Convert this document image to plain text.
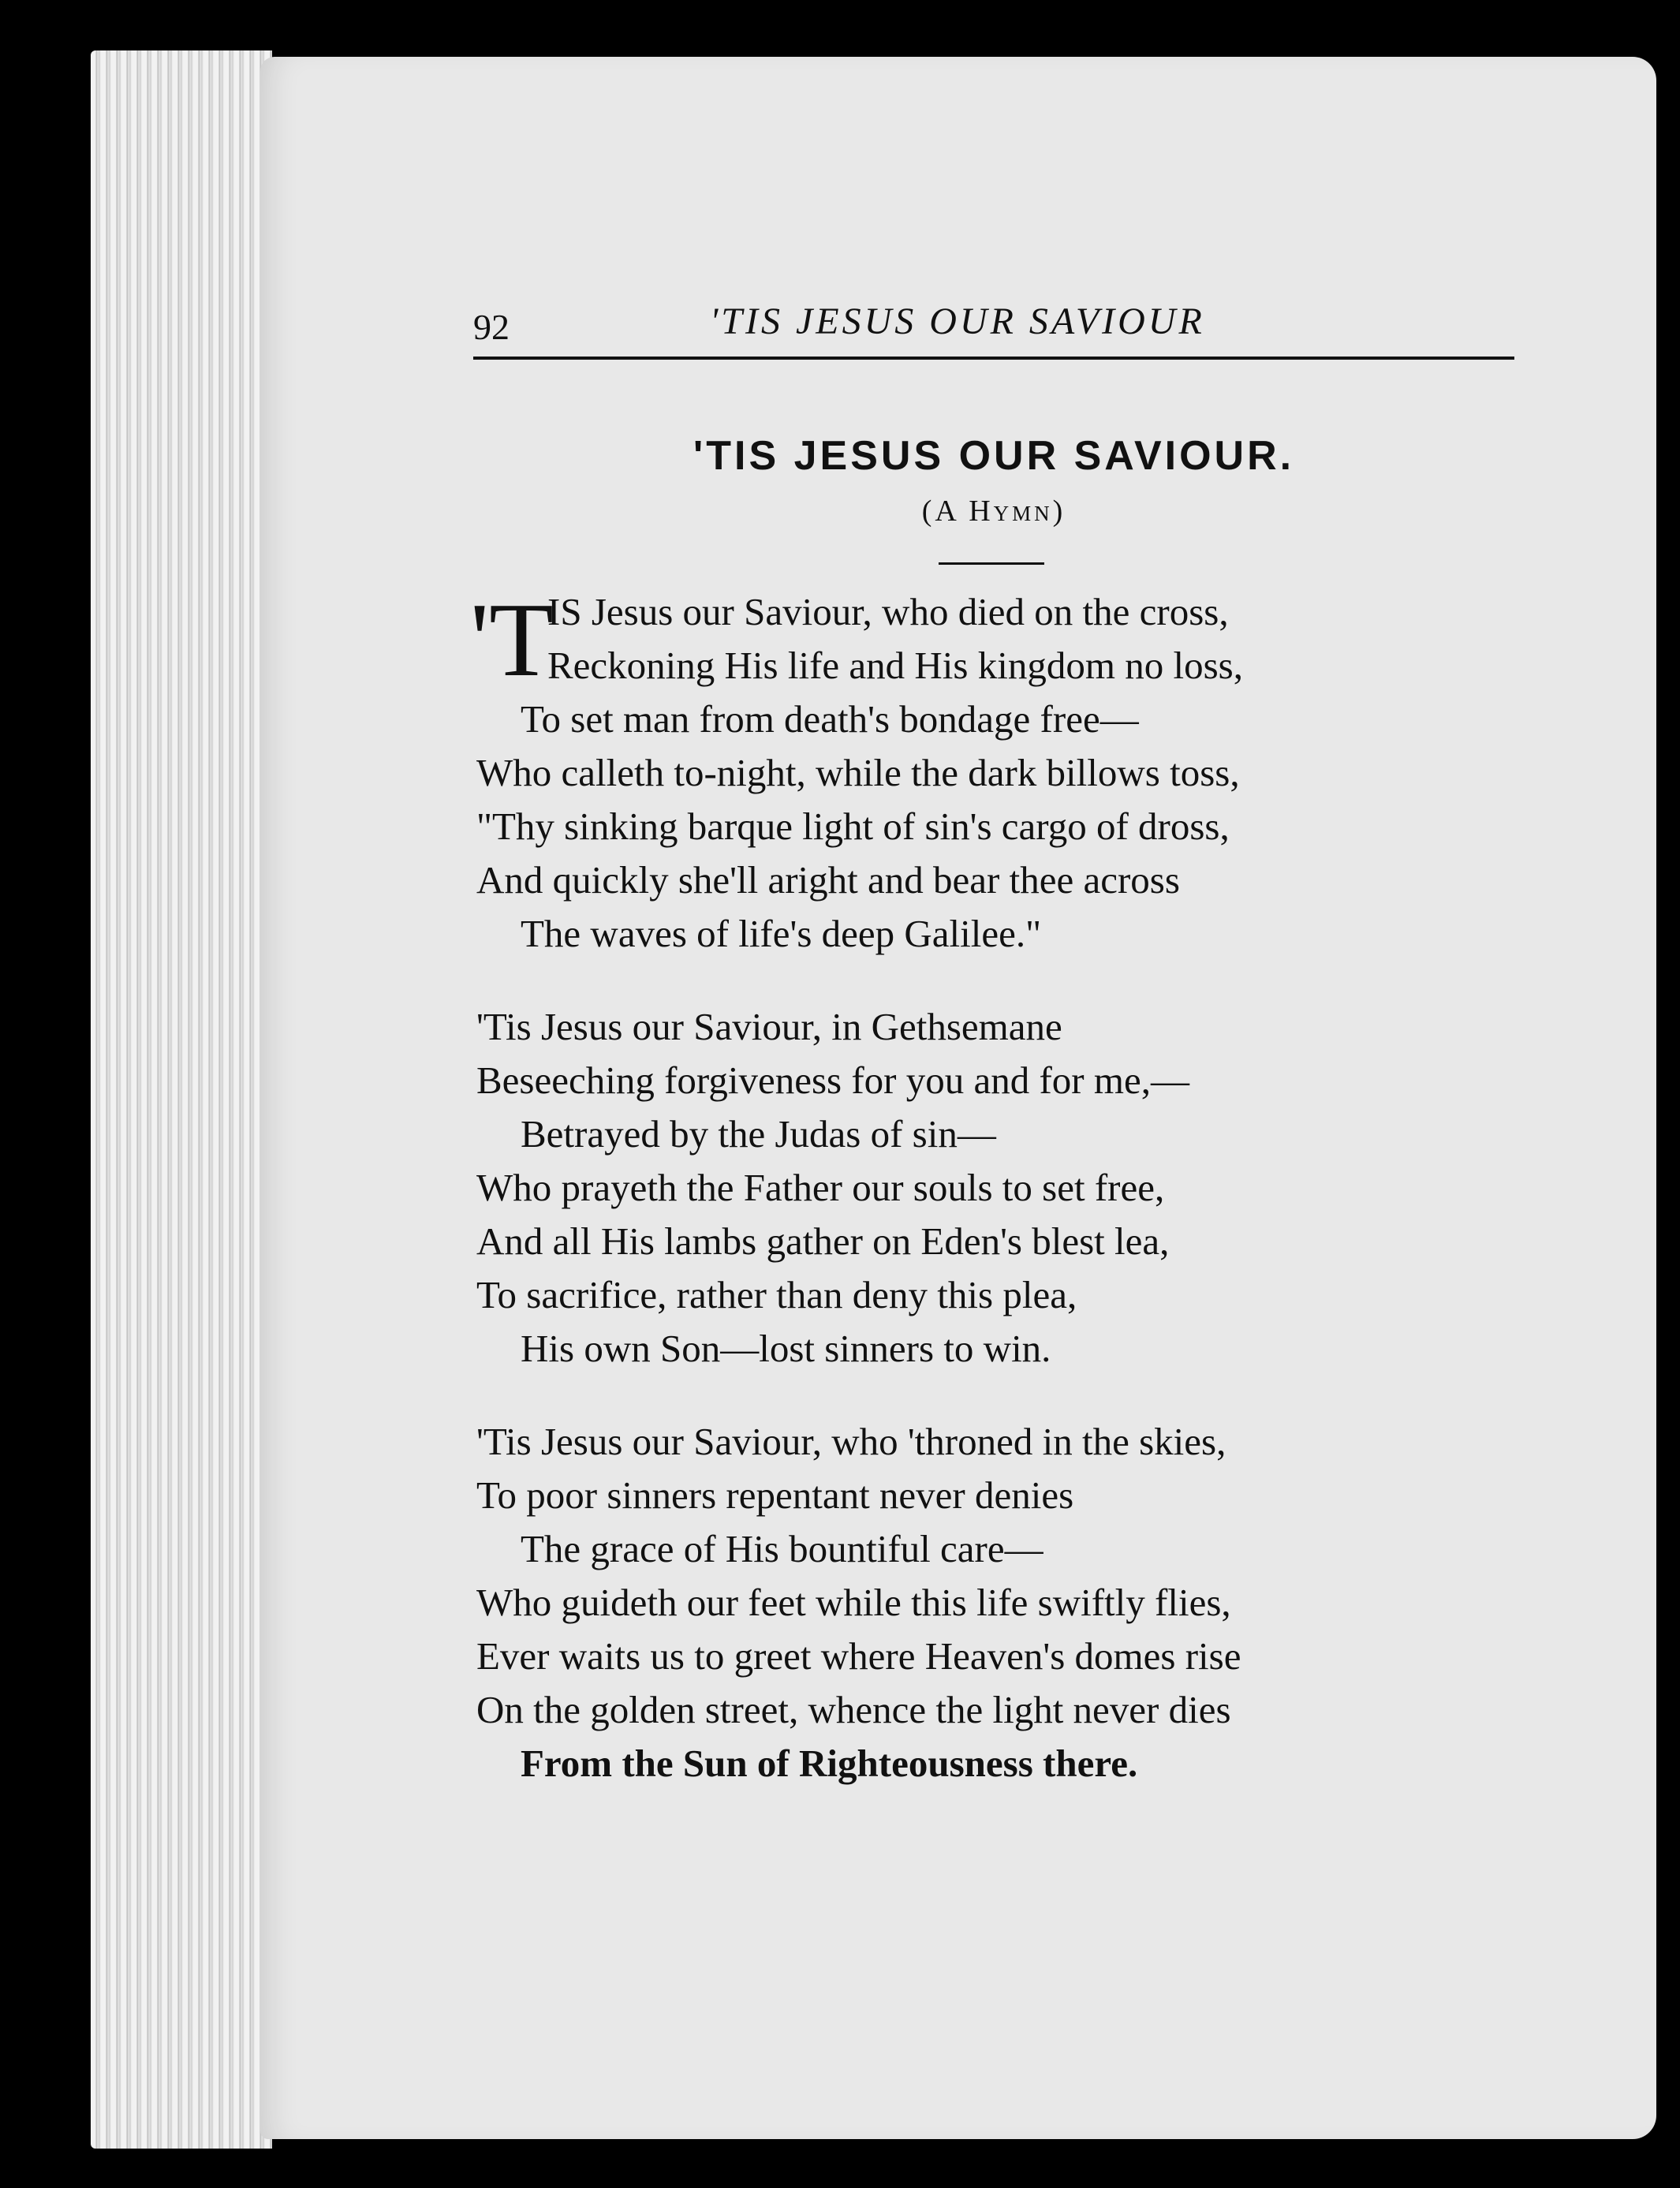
92	'TIS JESUS OUR SAVIOUR
'TIS JESUS OUR SAVIOUR.
(A Hymn)
'T
IS Jesus our Saviour, who died on the cross,
Reckoning His life and His kingdom no loss,
To set man from death's bondage free—
Who calleth to-night, while the dark billows toss,
"Thy sinking barque light of sin's cargo of dross,
And quickly she'll aright and bear thee across
The waves of life's deep Galilee."
'Tis Jesus our Saviour, in Gethsemane
Beseeching forgiveness for you and for me,—
Betrayed by the Judas of sin—
Who prayeth the Father our souls to set free,
And all His lambs gather on Eden's blest lea,
To sacrifice, rather than deny this plea,
His own Son—lost sinners to win.
'Tis Jesus our Saviour, who 'throned in the skies,
To poor sinners repentant never denies
The grace of His bountiful care—
Who guideth our feet while this life swiftly flies,
Ever waits us to greet where Heaven's domes rise
On the golden street, whence the light never dies
From the Sun of Righteousness there.
